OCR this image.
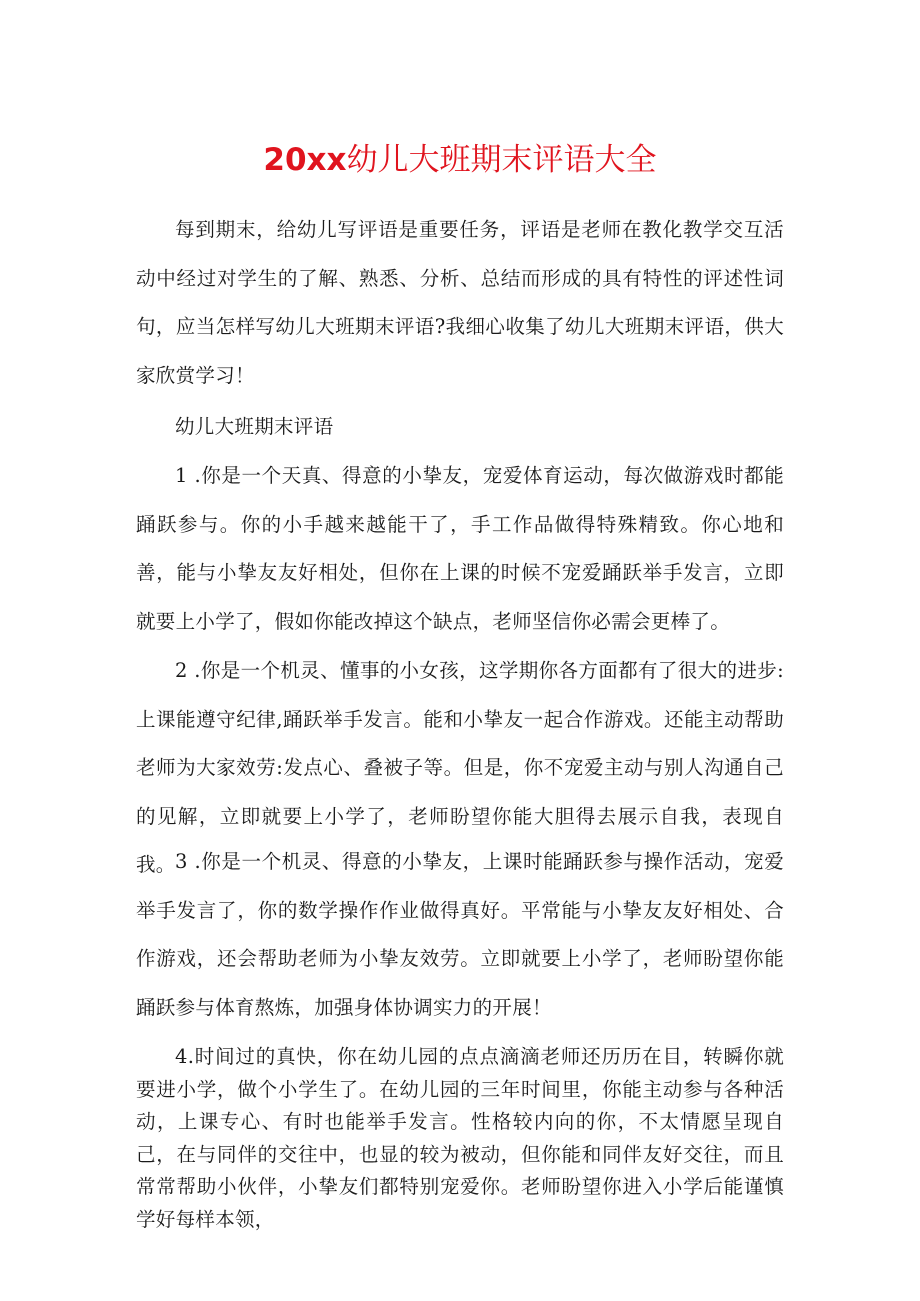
20xx幼儿大班期末评语大全

每到期末，给幼儿写评语是重要任务，评语是老师在教化教学交互活动中经过对学生的了解、熟悉、分析、总结而形成的具有特性的评述性词句，应当怎样写幼儿大班期末评语?我细心收集了幼儿大班期末评语，供大家欣赏学习！

幼儿大班期末评语

1 .你是一个天真、得意的小挚友，宠爱体育运动，每次做游戏时都能踊跃参与。你的小手越来越能干了，手工作品做得特殊精致。你心地和善，能与小挚友友好相处，但你在上课的时候不宠爱踊跃举手发言，立即就要上小学了，假如你能改掉这个缺点，老师坚信你必需会更棒了。

2 .你是一个机灵、懂事的小女孩，这学期你各方面都有了很大的进步:上课能遵守纪律,踊跃举手发言。能和小挚友一起合作游戏。还能主动帮助老师为大家效劳:发点心、叠被子等。但是，你不宠爱主动与别人沟通自己的见解，立即就要上小学了，老师盼望你能大胆得去展示自我，表现自我。 3 .你是一个机灵、得意的小挚友，上课时能踊跃参与操作活动，宠爱举手发言了，你的数学操作作业做得真好。平常能与小挚友友好相处、合作游戏，还会帮助老师为小挚友效劳。立即就要上小学了，老师盼望你能踊跃参与体育熬炼，加强身体协调实力的开展！

4.时间过的真快，你在幼儿园的点点滴滴老师还历历在目，转瞬你就要进小学，做个小学生了。在幼儿园的三年时间里，你能主动参与各种活动，上课专心、有时也能举手发言。性格较内向的你，不太情愿呈现自己，在与同伴的交往中，也显的较为被动，但你能和同伴友好交往，而且常常帮助小伙伴，小挚友们都特别宠爱你。老师盼望你进入小学后能谨慎学好每样本领，
